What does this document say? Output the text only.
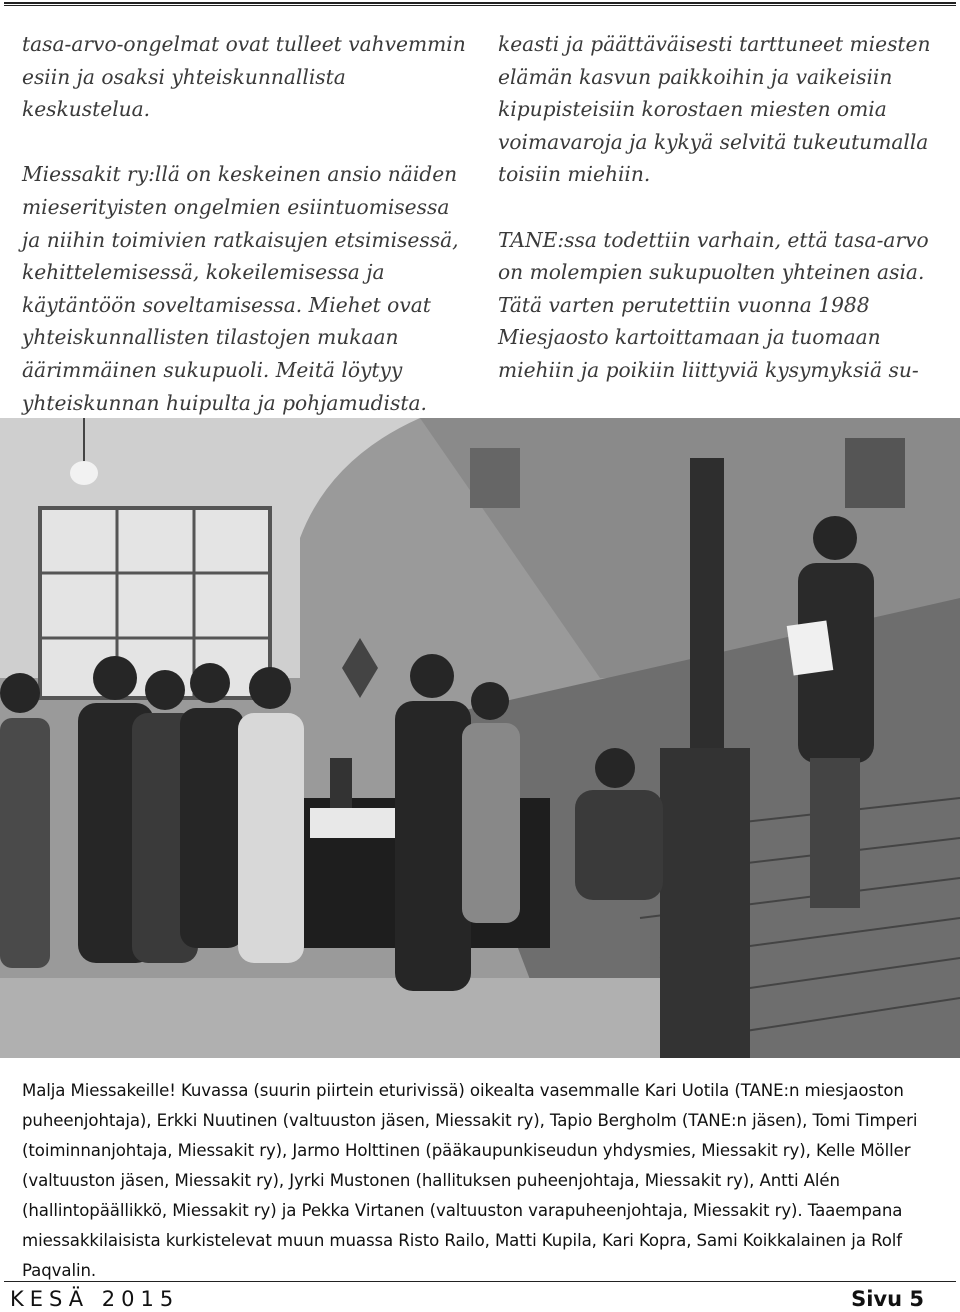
tasa-arvo-ongelmat ovat tulleet vahvemmin esiin ja osaksi yhteiskunnallista keskustelua.

Miessakit ry:llä on keskeinen ansio näiden mieserityisten ongelmien esiintuomisessa ja niihin toimivien ratkaisujen etsimisessä, kehittelemisessä, kokeilemisessa ja käytäntöön soveltamisessa. Miehet ovat yhteiskunnallisten tilastojen mukaan äärimmäinen sukupuoli. Meitä löytyy yhteiskunnan huipulta ja pohjamudista.

keasti ja päättäväisesti tarttuneet miesten elämän kasvun paikkoihin ja vaikeisiin kipupisteisiin korostaen miesten omia voimavaroja ja kykyä selvitä tukeutumalla toisiin miehiin.

TANE:ssa todettiin varhain, että tasa-arvo on molempien sukupuolten yhteinen asia. Tätä varten perutettiin vuonna 1988 Miesjaosto kartoittamaan ja tuomaan miehiin ja poikiin liittyviä kysymyksiä su-

Malja Miessakeille! Kuvassa (suurin piirtein eturivissä) oikealta vasemmalle Kari Uotila (TANE:n miesjaoston puheenjohtaja), Erkki Nuutinen (valtuuston jäsen, Miessakit ry), Tapio Bergholm (TANE:n jäsen), Tomi Timperi (toiminnanjohtaja, Miessakit ry), Jarmo Holttinen (pääkaupunkiseudun yhdysmies, Miessakit ry), Kelle Möller (valtuuston jäsen, Miessakit ry), Jyrki Mustonen (hallituksen puheenjohtaja, Miessakit ry), Antti Alén (hallintopäällikkö, Miessakit ry) ja Pekka Virtanen (valtuuston varapuheenjohtaja, Miessakit ry). Taaempana miessakkilaisista kurkistelevat muun muassa Risto Railo, Matti Kupila, Kari Kopra, Sami Koikkalainen ja Rolf Paqvalin.

KESÄ 2015	Sivu 5
